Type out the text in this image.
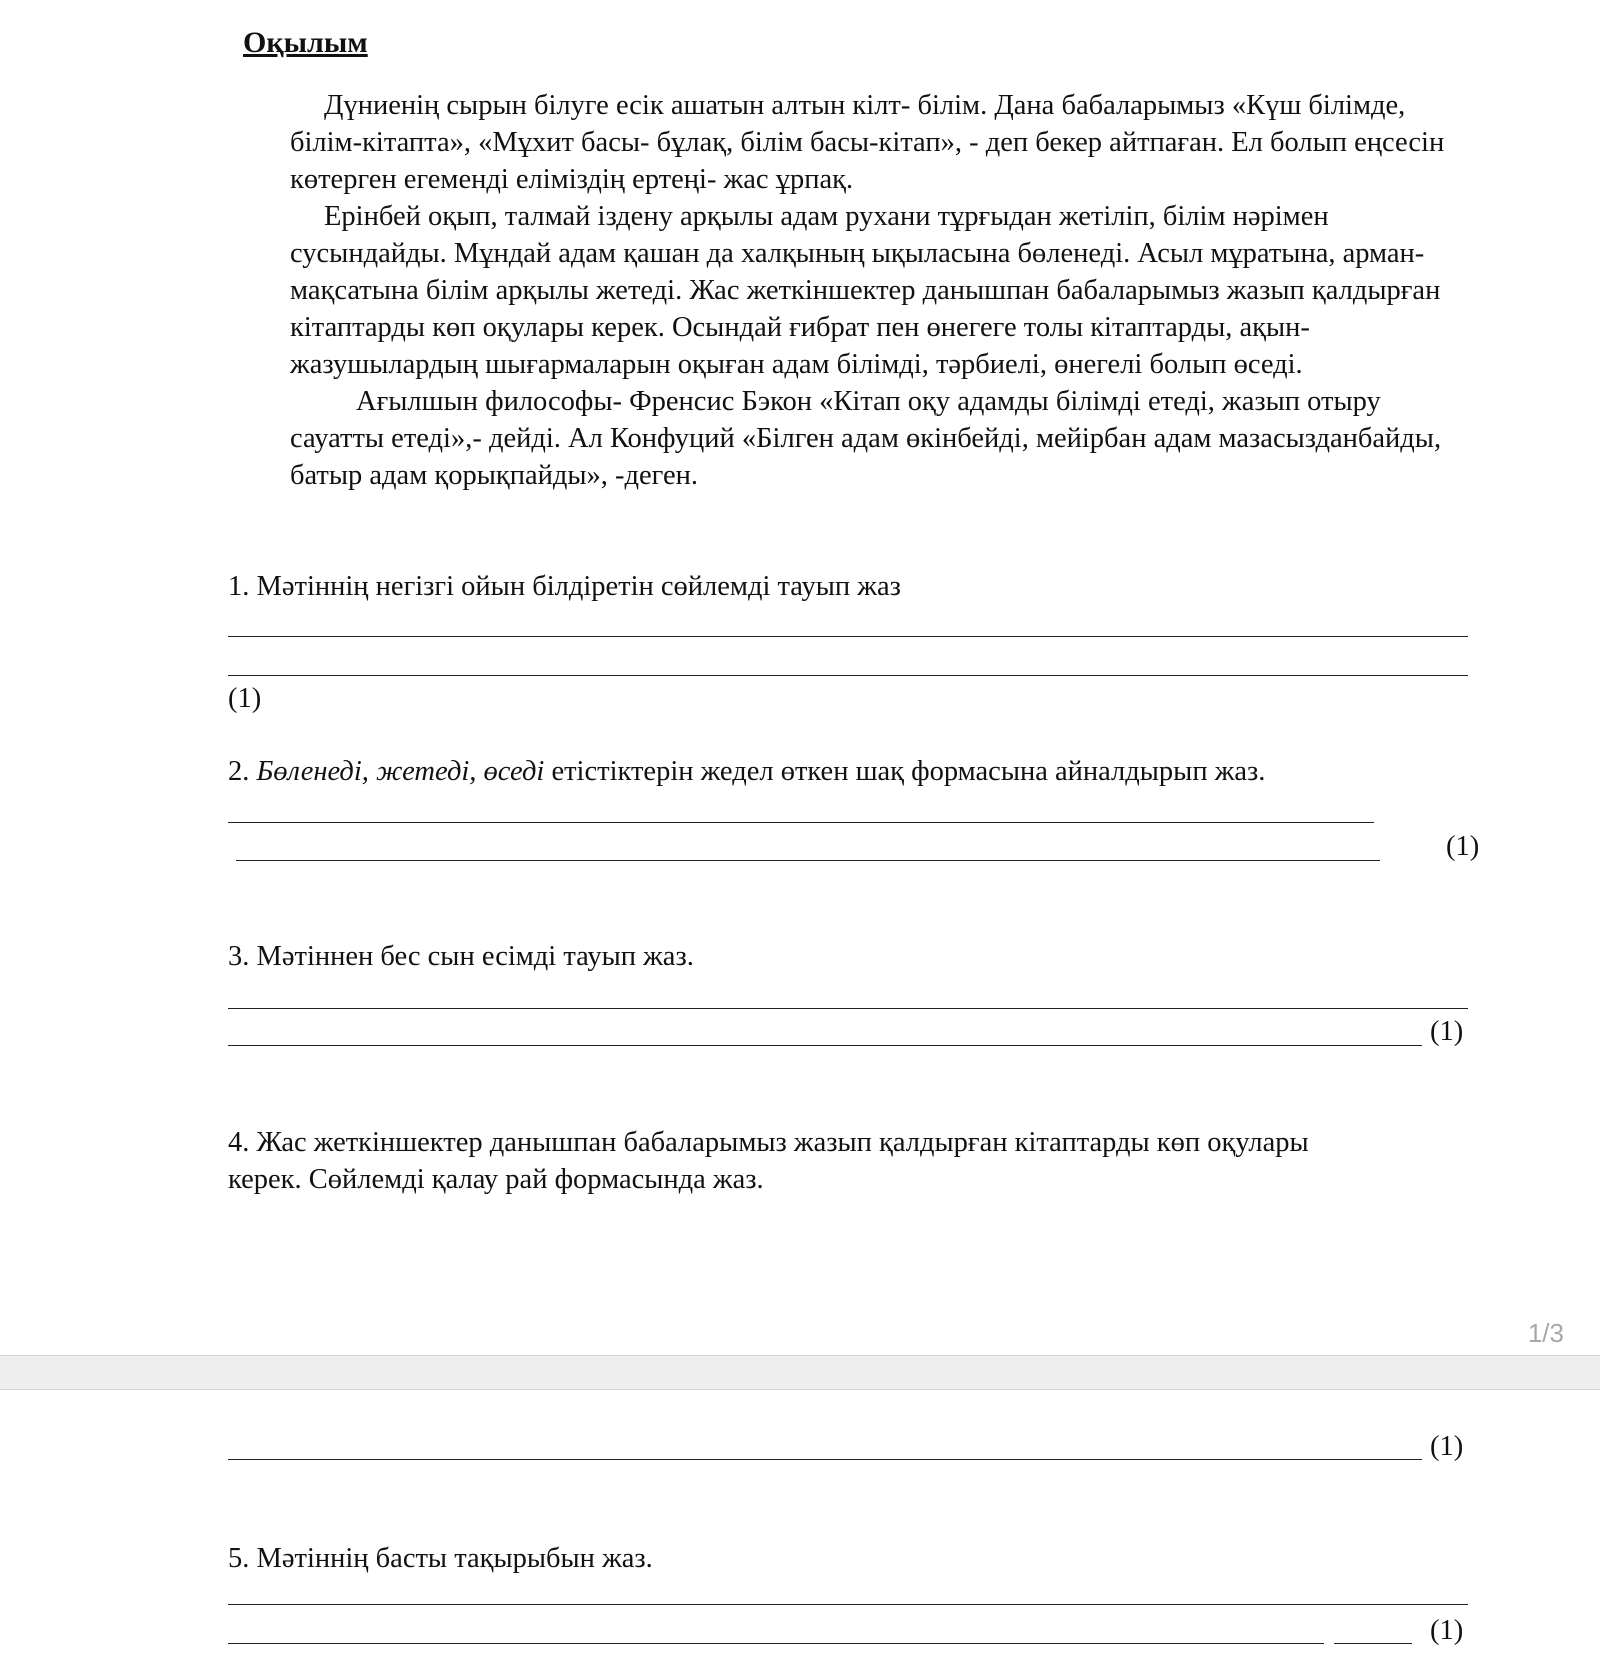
Оқылым

Дүниенің сырын білуге есік ашатын алтын кілт- білім. Дана бабаларымыз «Күш білімде, білім-кітапта», «Мұхит басы- бұлақ, білім басы-кітап», - деп бекер айтпаған. Ел болып еңсесін көтерген егеменді еліміздің ертеңі- жас ұрпақ.

Ерінбей оқып, талмай іздену арқылы адам рухани тұрғыдан жетіліп, білім нәрімен сусындайды. Мұндай адам қашан да халқының ықыласына бөленеді. Асыл мұратына, арман-мақсатына білім арқылы жетеді. Жас жеткіншектер данышпан бабаларымыз жазып қалдырған кітаптарды көп оқулары керек. Осындай ғибрат пен өнегеге толы кітаптарды, ақын- жазушылардың шығармаларын оқыған адам білімді, тәрбиелі, өнегелі болып өседі.

Ағылшын философы- Френсис Бэкон «Кітап оқу адамды білімді етеді, жазып отыру сауатты етеді»,- дейді. Ал Конфуций «Білген адам өкінбейді, мейірбан адам мазасызданбайды, батыр адам қорықпайды», -деген.

1. Мәтіннің негізгі ойын білдіретін сөйлемді тауып жаз
(1)
2. Бөленеді, жетеді, өседі етістіктерін жедел өткен шақ формасына айналдырып жаз.
(1)
3. Мәтіннен бес сын есімді тауып жаз.
(1)
4. Жас жеткіншектер данышпан бабаларымыз жазып қалдырған кітаптарды көп оқулары
керек. Сөйлемді қалау рай формасында жаз.
1/3
(1)
5. Мәтіннің басты тақырыбын жаз.
(1)
